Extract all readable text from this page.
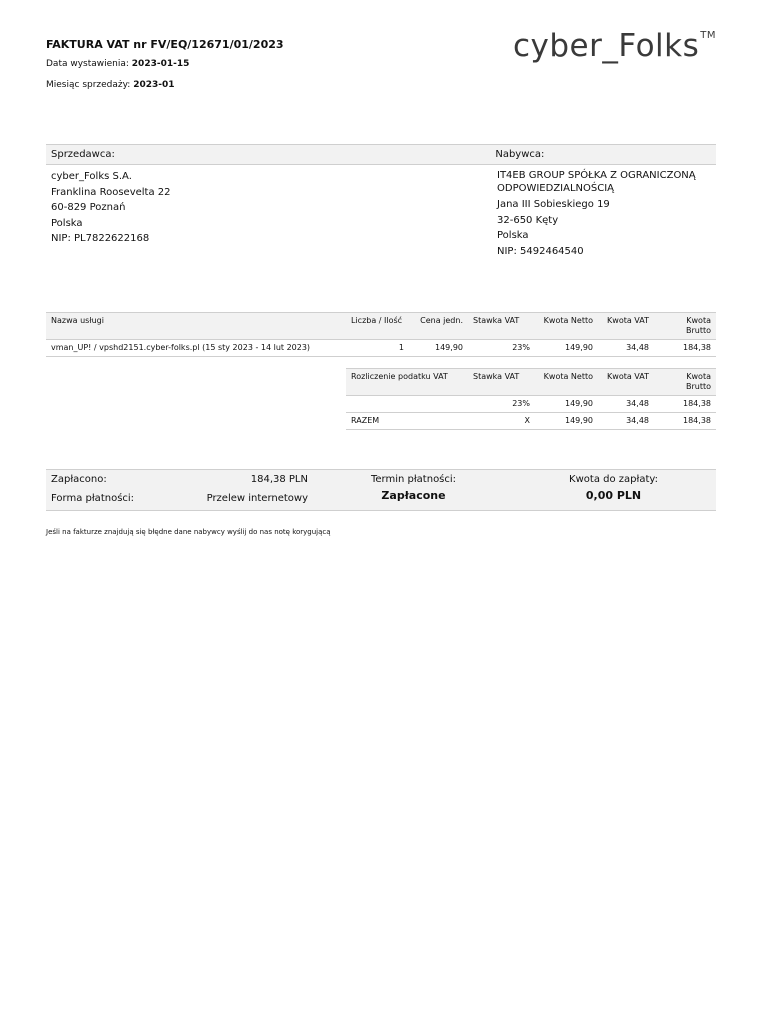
FAKTURA VAT nr FV/EQ/12671/01/2023
Data wystawienia: 2023-01-15
Miesiąc sprzedaży: 2023-01
cyber_Folks™
Sprzedawca:	Nabywca:
cyber_Folks S.A.
Franklina Roosevelta 22
60-829 Poznań
Polska
NIP: PL7822622168
IT4EB GROUP SPÓŁKA Z OGRANICZONĄ
ODPOWIEDZIALNOŚCIĄ
Jana III Sobieskiego 19
32-650 Kęty
Polska
NIP: 5492464540
Nazwa usługi	Liczba / Ilość	Cena jedn.	Stawka VAT	Kwota Netto	Kwota VAT	Kwota Brutto
vman_UP! / vpshd2151.cyber-folks.pl (15 sty 2023 - 14 lut 2023)	1	149,90	23%	149,90	34,48	184,38
Rozliczenie podatku VAT	Stawka VAT	Kwota Netto	Kwota VAT	Kwota Brutto
	23%	149,90	34,48	184,38
RAZEM	X	149,90	34,48	184,38
Zapłacono:	184,38 PLN
Forma płatności:	Przelew internetowy
Termin płatności:
Zapłacone
Kwota do zapłaty:
0,00 PLN
Jeśli na fakturze znajdują się błędne dane nabywcy wyślij do nas notę korygującą
